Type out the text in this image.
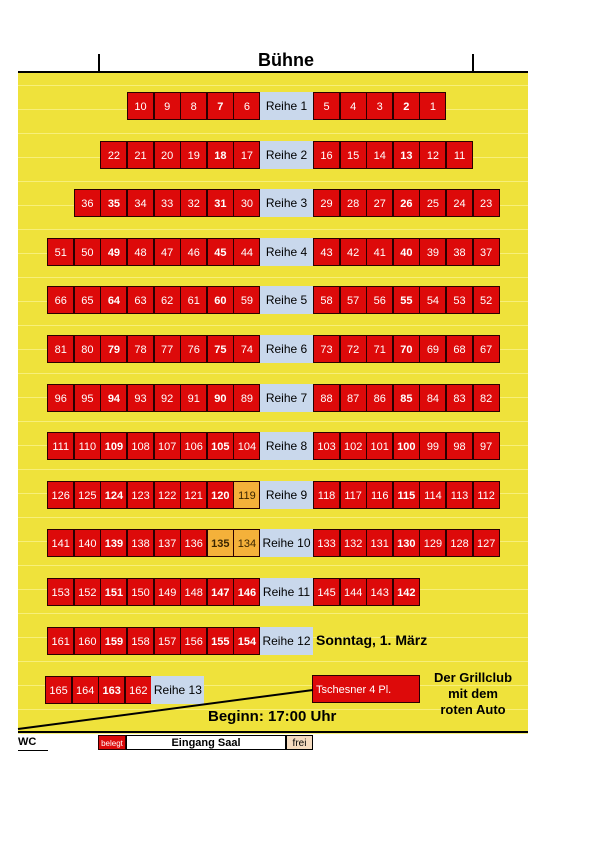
Bühne
10	9	8	7	6	Reihe 1	5	4	3	2	1
22	21	20	19	18	17	Reihe 2	16	15	14	13	12	11
36	35	34	33	32	31	30	Reihe 3	29	28	27	26	25	24	23
51	50	49	48	47	46	45	44	Reihe 4	43	42	41	40	39	38	37
66	65	64	63	62	61	60	59	Reihe 5	58	57	56	55	54	53	52
81	80	79	78	77	76	75	74	Reihe 6	73	72	71	70	69	68	67
96	95	94	93	92	91	90	89	Reihe 7	88	87	86	85	84	83	82
111 110 109 108 107 106 105 104 Reihe 8 103 102 101 100	99	98	97
126 125 124 123 122 121 120 119 Reihe 9 118 117 116 115 114 113 112
141 140 139 138 137 136 135 134 Reihe 10 133 132 131 130 129 128 127
153 152 151 150 149 148 147 146 Reihe 11 145 144 143 142
161 160 159 158 157 156 155 154 Reihe 12
165 164 163 162 Reihe 13
Sonntag, 1. März
Tschesner 4 Pl.
Der Grillclub
mit dem
roten Auto
Beginn: 17:00 Uhr
WC	belegt	Eingang Saal	frei
